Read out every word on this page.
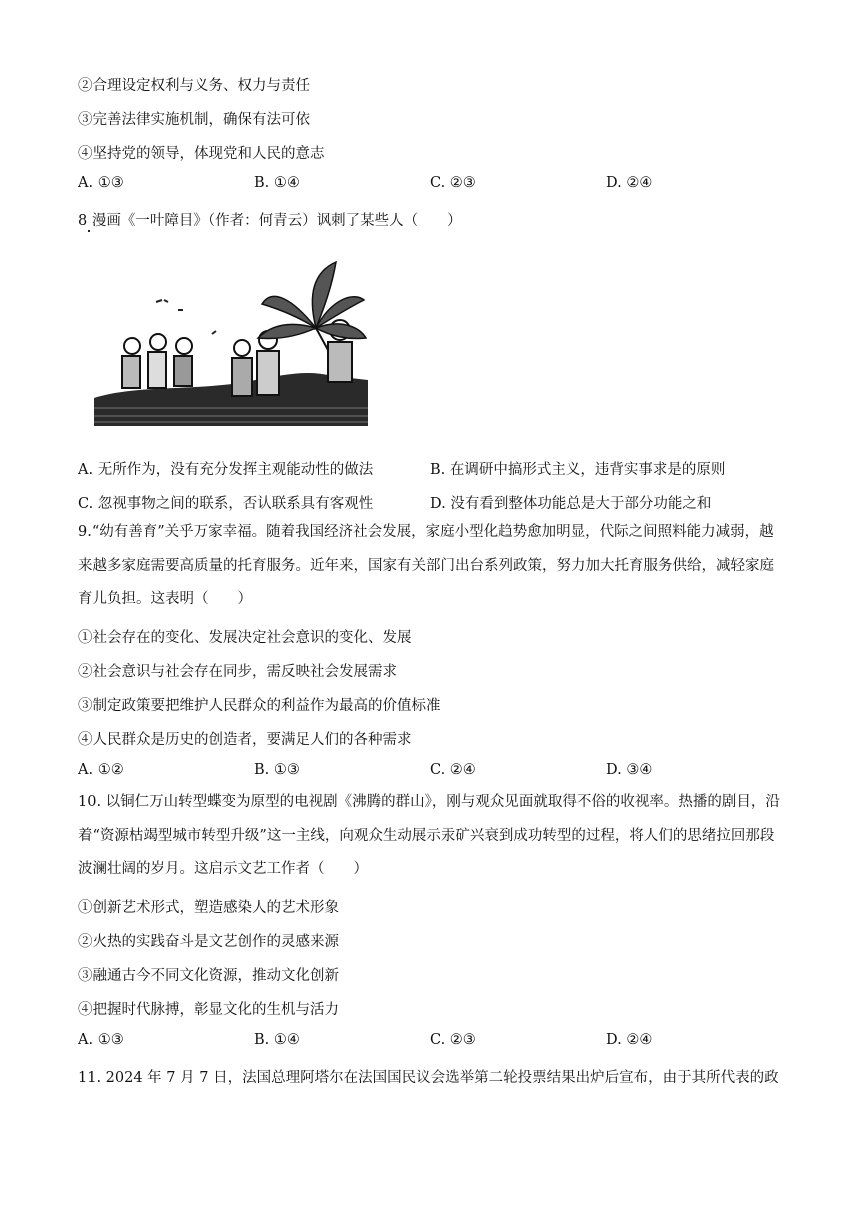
②合理设定权利与义务、权力与责任
③完善法律实施机制，确保有法可依
④坚持党的领导，体现党和人民的意志
A. ①③	B. ①④	C. ②③	D. ②④
8 漫画《一叶障目》（作者：何青云）讽刺了某些人（　　）
A. 无所作为，没有充分发挥主观能动性的做法	B. 在调研中搞形式主义，违背实事求是的原则
C. 忽视事物之间的联系，否认联系具有客观性	D. 没有看到整体功能总是大于部分功能之和
9.“幼有善育”关乎万家幸福。随着我国经济社会发展，家庭小型化趋势愈加明显，代际之间照料能力减弱，越来越多家庭需要高质量的托育服务。近年来，国家有关部门出台系列政策，努力加大托育服务供给，减轻家庭育儿负担。这表明（　　）
①社会存在的变化、发展决定社会意识的变化、发展
②社会意识与社会存在同步，需反映社会发展需求
③制定政策要把维护人民群众的利益作为最高的价值标准
④人民群众是历史的创造者，要满足人们的各种需求
A. ①②	B. ①③	C. ②④	D. ③④
10. 以铜仁万山转型蝶变为原型的电视剧《沸腾的群山》，刚与观众见面就取得不俗的收视率。热播的剧目，沿着“资源枯竭型城市转型升级”这一主线，向观众生动展示汞矿兴衰到成功转型的过程，将人们的思绪拉回那段波澜壮阔的岁月。这启示文艺工作者（　　）
①创新艺术形式，塑造感染人的艺术形象
②火热的实践奋斗是文艺创作的灵感来源
③融通古今不同文化资源，推动文化创新
④把握时代脉搏，彰显文化的生机与活力
A. ①③	B. ①④	C. ②③	D. ②④
11. 2024 年 7 月 7 日，法国总理阿塔尔在法国国民议会选举第二轮投票结果出炉后宣布，由于其所代表的政
